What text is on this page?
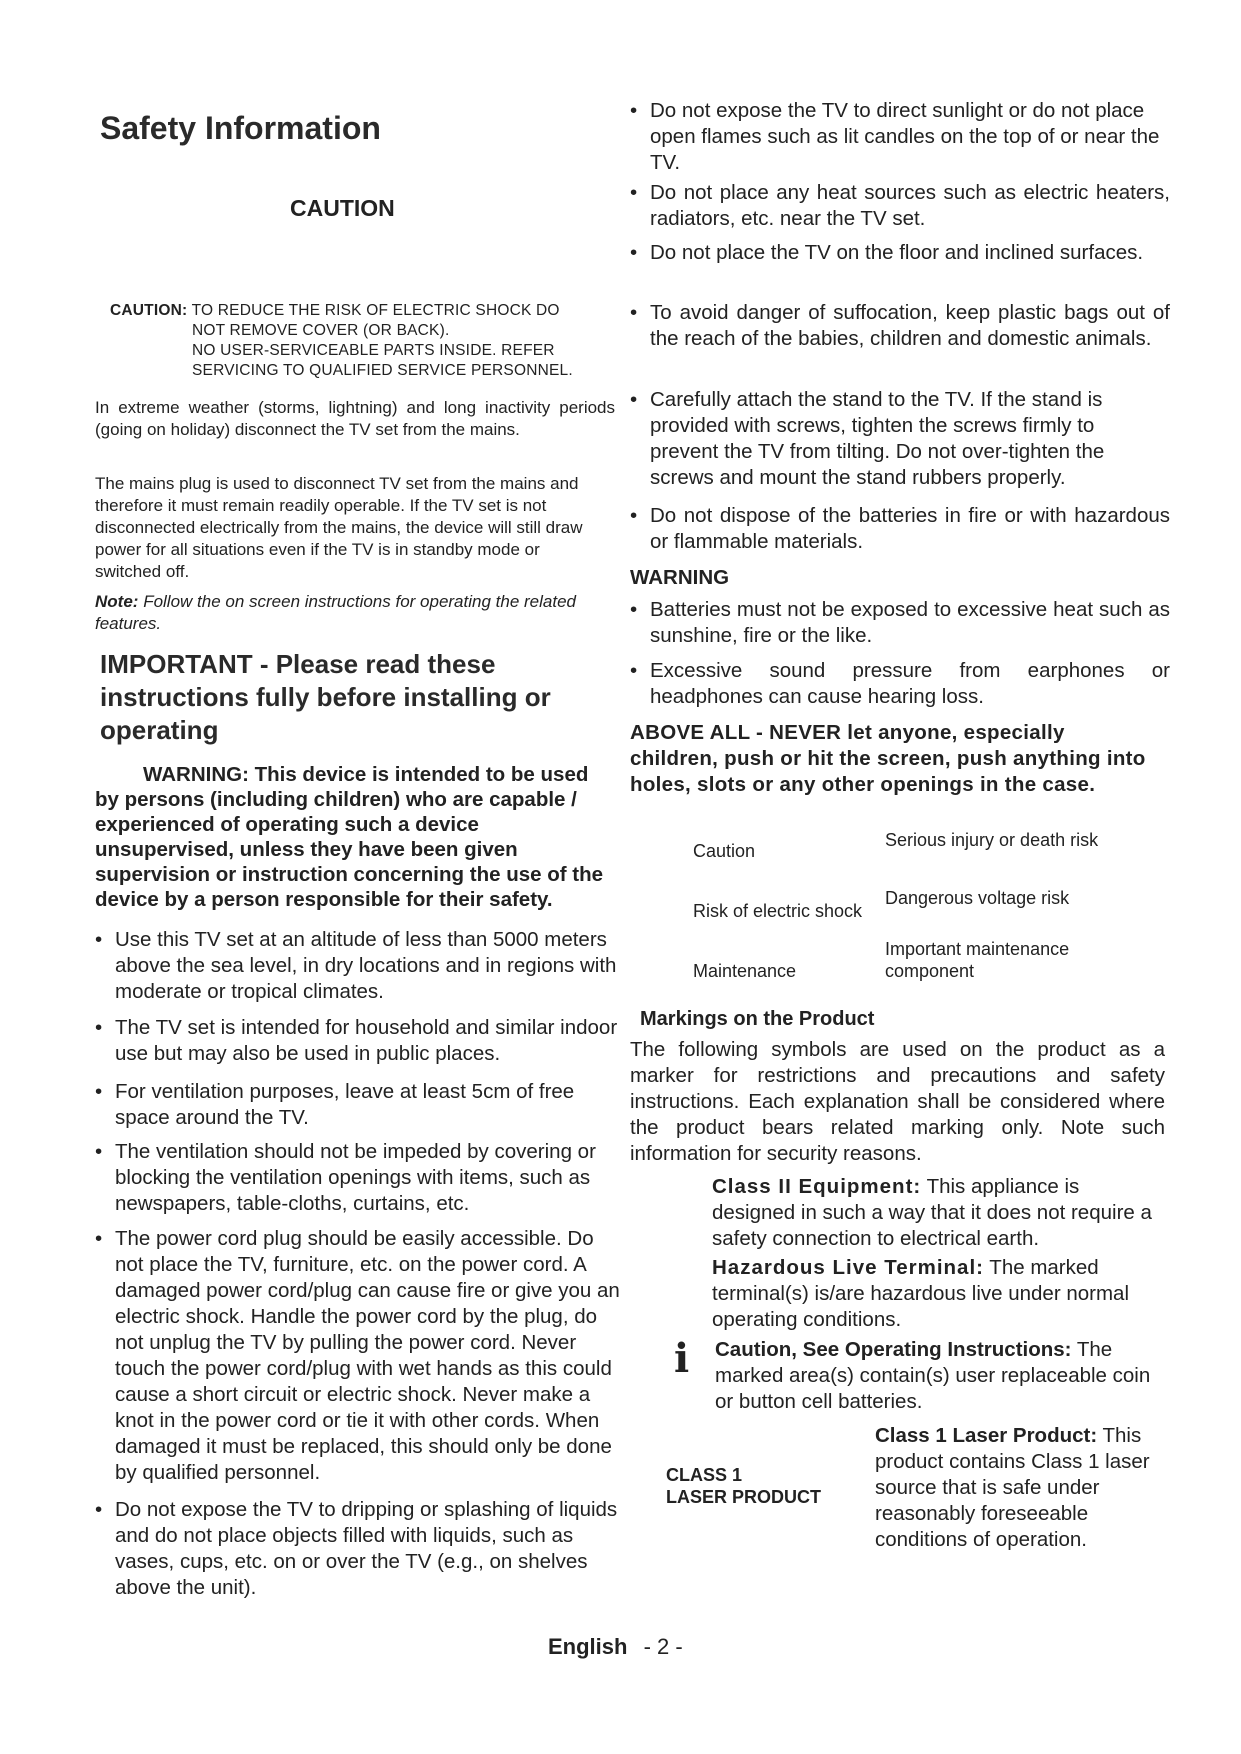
Safety Information
CAUTION
CAUTION: TO REDUCE THE RISK OF ELECTRIC SHOCK DO
NOT REMOVE COVER (OR BACK).
NO USER-SERVICEABLE PARTS INSIDE. REFER
SERVICING TO QUALIFIED SERVICE PERSONNEL.
In extreme weather (storms, lightning) and long inactivity periods (going on holiday) disconnect the TV set from the mains.
The mains plug is used to disconnect TV set from the mains and therefore it must remain readily operable. If the TV set is not disconnected electrically from the mains, the device will still draw power for all situations even if the TV is in standby mode or switched off.
Note: Follow the on screen instructions for operating the related features.
IMPORTANT - Please read these instructions fully before installing or operating
WARNING: This device is intended to be used by persons (including children) who are capable / experienced of operating such a device unsupervised, unless they have been given supervision or instruction concerning the use of the device by a person responsible for their safety.
• Use this TV set at an altitude of less than 5000 meters above the sea level, in dry locations and in regions with moderate or tropical climates.
• The TV set is intended for household and similar indoor use but may also be used in public places.
• For ventilation purposes, leave at least 5cm of free space around the TV.
• The ventilation should not be impeded by covering or blocking the ventilation openings with items, such as newspapers, table-cloths, curtains, etc.
• The power cord plug should be easily accessible. Do not place the TV, furniture, etc. on the power cord. A damaged power cord/plug can cause fire or give you an electric shock. Handle the power cord by the plug, do not unplug the TV by pulling the power cord. Never touch the power cord/plug with wet hands as this could cause a short circuit or electric shock. Never make a knot in the power cord or tie it with other cords. When damaged it must be replaced, this should only be done by qualified personnel.
• Do not expose the TV to dripping or splashing of liquids and do not place objects filled with liquids, such as vases, cups, etc. on or over the TV (e.g., on shelves above the unit).
• Do not expose the TV to direct sunlight or do not place open flames such as lit candles on the top of or near the TV.
• Do not place any heat sources such as electric heaters, radiators, etc. near the TV set.
• Do not place the TV on the floor and inclined surfaces.
• To avoid danger of suffocation, keep plastic bags out of the reach of the babies, children and domestic animals.
• Carefully attach the stand to the TV. If the stand is provided with screws, tighten the screws firmly to prevent the TV from tilting. Do not over-tighten the screws and mount the stand rubbers properly.
• Do not dispose of the batteries in fire or with hazardous or flammable materials.
WARNING
• Batteries must not be exposed to excessive heat such as sunshine, fire or the like.
• Excessive sound pressure from earphones or headphones can cause hearing loss.
ABOVE ALL - NEVER let anyone, especially children, push or hit the screen, push anything into holes, slots or any other openings in the case.
Caution
Serious injury or death risk
Risk of electric shock
Dangerous voltage risk
Maintenance
Important maintenance component
Markings on the Product
The following symbols are used on the product as a marker for restrictions and precautions and safety instructions. Each explanation shall be considered where the product bears related marking only. Note such information for security reasons.
Class II Equipment: This appliance is designed in such a way that it does not require a safety connection to electrical earth.
Hazardous Live Terminal: The marked terminal(s) is/are hazardous live under normal operating conditions.
i Caution, See Operating Instructions: The marked area(s) contain(s) user replaceable coin or button cell batteries.
CLASS 1
LASER PRODUCT
Class 1 Laser Product: This product contains Class 1 laser source that is safe under reasonably foreseeable conditions of operation.
English - 2 -
